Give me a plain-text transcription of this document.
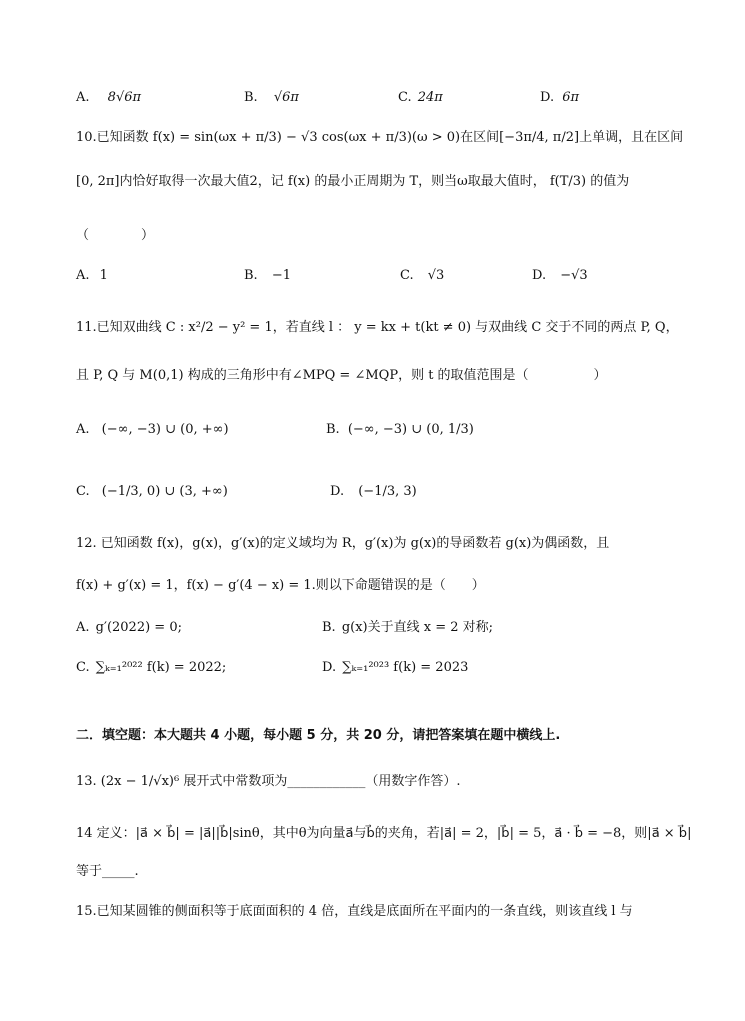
A. 8√6π	B. √6π	C. 24π	D. 6π
10.已知函数 f(x) = sin(ωx + π/3) − √3 cos(ωx + π/3)(ω > 0)在区间[−3π/4, π/2]上单调，且在区间
[0, 2π]内恰好取得一次最大值2，记 f(x) 的最小正周期为 T，则当ω取最大值时， f(T/3) 的值为
（　　　　）
A. 1	B. −1	C. √3	D. −√3
11.已知双曲线 C : x²/2 − y² = 1，若直线 l ： y = kx + t(kt ≠ 0) 与双曲线 C 交于不同的两点 P, Q，
且 P, Q 与 M(0,1) 构成的三角形中有∠MPQ = ∠MQP，则 t 的取值范围是（　　　　　）
A. (−∞, −3) ∪ (0, +∞)	B. (−∞, −3) ∪ (0, 1/3)
C. (−1/3, 0) ∪ (3, +∞)	D. (−1/3, 3)
12. 已知函数 f(x)，g(x)，g′(x)的定义域均为 R，g′(x)为 g(x)的导函数若 g(x)为偶函数，且
f(x) + g′(x) = 1，f(x) − g′(4 − x) = 1.则以下命题错误的是（　　）
A. g′(2022) = 0;	B. g(x)关于直线 x = 2 对称;
C. ∑ₖ₌₁²⁰²² f(k) = 2022;	D. ∑ₖ₌₁²⁰²³ f(k) = 2023
二．填空题：本大题共 4 小题，每小题 5 分，共 20 分，请把答案填在题中横线上.
13. (2x − 1/√x)⁶ 展开式中常数项为____________（用数字作答）.
14 定义：|a⃗ × b⃗| = |a⃗||b⃗|sinθ，其中θ为向量a⃗与b⃗的夹角，若|a⃗| = 2，|b⃗| = 5，a⃗ · b⃗ = −8，则|a⃗ × b⃗|
等于_____.
15.已知某圆锥的侧面积等于底面面积的 4 倍，直线是底面所在平面内的一条直线，则该直线 l 与
